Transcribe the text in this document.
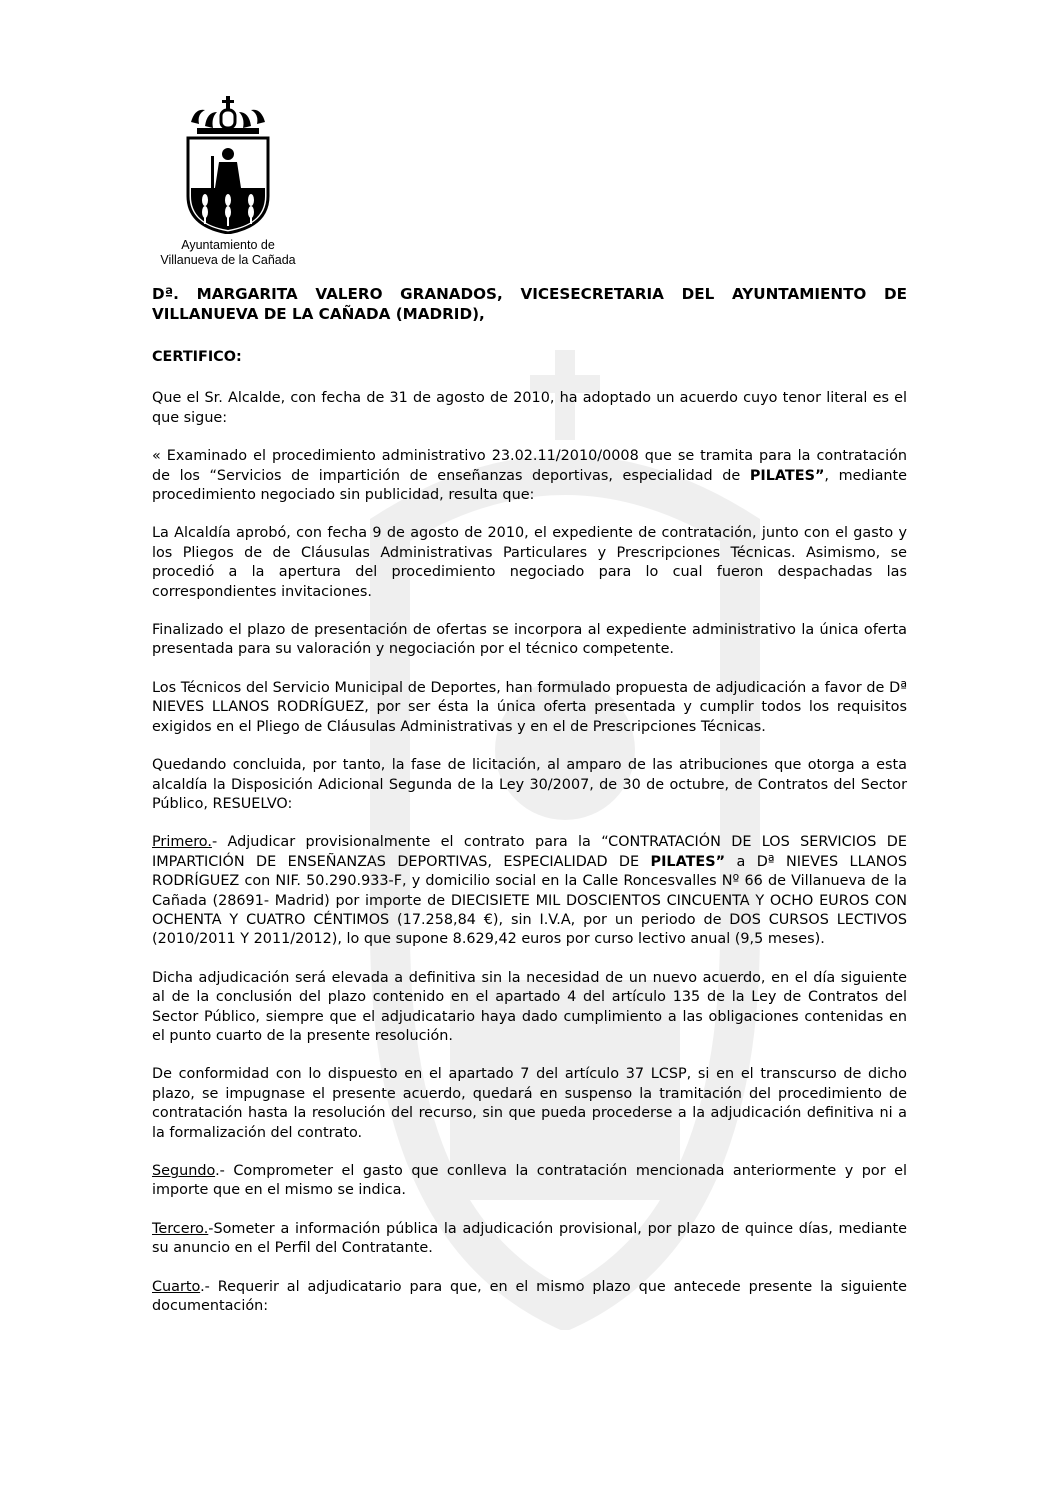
Ayuntamiento de
Villanueva de la Cañada

Dª. MARGARITA VALERO GRANADOS, VICESECRETARIA DEL AYUNTAMIENTO DE VILLANUEVA DE LA CAÑADA (MADRID),

CERTIFICO:

Que el Sr. Alcalde, con fecha de 31 de agosto de 2010, ha adoptado un acuerdo cuyo tenor literal es el que sigue:

« Examinado el procedimiento administrativo 23.02.11/2010/0008 que se tramita para la contratación de los “Servicios de impartición de enseñanzas deportivas, especialidad de PILATES”, mediante procedimiento negociado sin publicidad, resulta que:

La Alcaldía aprobó, con fecha 9 de agosto de 2010, el expediente de contratación, junto con el gasto y los Pliegos de de Cláusulas Administrativas Particulares y Prescripciones Técnicas. Asimismo, se procedió a la apertura del procedimiento negociado para lo cual fueron despachadas las correspondientes invitaciones.

Finalizado el plazo de presentación de ofertas se incorpora al expediente administrativo la única oferta presentada para su valoración y negociación por el técnico competente.

Los Técnicos del Servicio Municipal de Deportes, han formulado propuesta de adjudicación a favor de Dª NIEVES LLANOS RODRÍGUEZ, por ser ésta la única oferta presentada y cumplir todos los requisitos exigidos en el Pliego de Cláusulas Administrativas y en el de Prescripciones Técnicas.

Quedando concluida, por tanto, la fase de licitación, al amparo de las atribuciones que otorga a esta alcaldía la Disposición Adicional Segunda de la Ley 30/2007, de 30 de octubre, de Contratos del Sector Público, RESUELVO:

Primero.- Adjudicar provisionalmente el contrato para la “CONTRATACIÓN DE LOS SERVICIOS DE IMPARTICIÓN DE ENSEÑANZAS DEPORTIVAS, ESPECIALIDAD DE PILATES” a Dª NIEVES LLANOS RODRÍGUEZ con NIF. 50.290.933-F, y domicilio social en la Calle Roncesvalles Nº 66 de Villanueva de la Cañada (28691- Madrid) por importe de DIECISIETE MIL DOSCIENTOS CINCUENTA Y OCHO EUROS CON OCHENTA Y CUATRO CÉNTIMOS (17.258,84 €), sin I.V.A, por un periodo de DOS CURSOS LECTIVOS (2010/2011 Y 2011/2012), lo que supone 8.629,42 euros por curso lectivo anual (9,5 meses).

Dicha adjudicación será elevada a definitiva sin la necesidad de un nuevo acuerdo, en el día siguiente al de la conclusión del plazo contenido en el apartado 4 del artículo 135 de la Ley de Contratos del Sector Público, siempre que el adjudicatario haya dado cumplimiento a las obligaciones contenidas en el punto cuarto de la presente resolución.

De conformidad con lo dispuesto en el apartado 7 del artículo 37 LCSP, si en el transcurso de dicho plazo, se impugnase el presente acuerdo, quedará en suspenso la tramitación del procedimiento de contratación hasta la resolución del recurso, sin que pueda procederse a la adjudicación definitiva ni a la formalización del contrato.

Segundo.- Comprometer el gasto que conlleva la contratación mencionada anteriormente y por el importe que en el mismo se indica.

Tercero.-Someter a información pública la adjudicación provisional, por plazo de quince días, mediante su anuncio en el Perfil del Contratante.

Cuarto.- Requerir al adjudicatario para que, en el mismo plazo que antecede presente la siguiente documentación:
